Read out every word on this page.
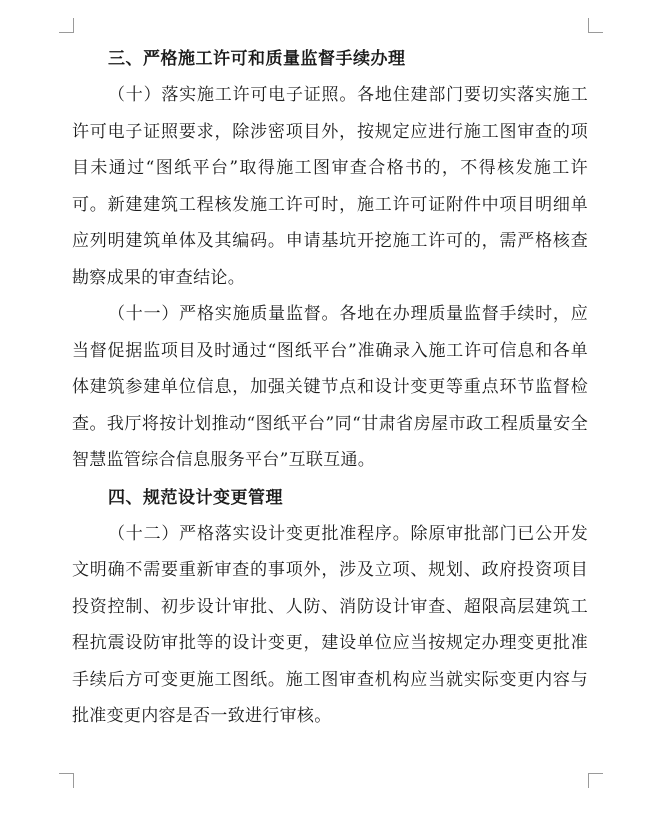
三、严格施工许可和质量监督手续办理

（十）落实施工许可电子证照。各地住建部门要切实落实施工许可电子证照要求，除涉密项目外，按规定应进行施工图审查的项目未通过“图纸平台”取得施工图审查合格书的，不得核发施工许可。新建建筑工程核发施工许可时，施工许可证附件中项目明细单应列明建筑单体及其编码。申请基坑开挖施工许可的，需严格核查勘察成果的审查结论。

（十一）严格实施质量监督。各地在办理质量监督手续时，应当督促据监项目及时通过“图纸平台”准确录入施工许可信息和各单体建筑参建单位信息，加强关键节点和设计变更等重点环节监督检查。我厅将按计划推动“图纸平台”同“甘肃省房屋市政工程质量安全智慧监管综合信息服务平台”互联互通。

四、规范设计变更管理

（十二）严格落实设计变更批准程序。除原审批部门已公开发文明确不需要重新审查的事项外，涉及立项、规划、政府投资项目投资控制、初步设计审批、人防、消防设计审查、超限高层建筑工程抗震设防审批等的设计变更，建设单位应当按规定办理变更批准手续后方可变更施工图纸。施工图审查机构应当就实际变更内容与批准变更内容是否一致进行审核。
